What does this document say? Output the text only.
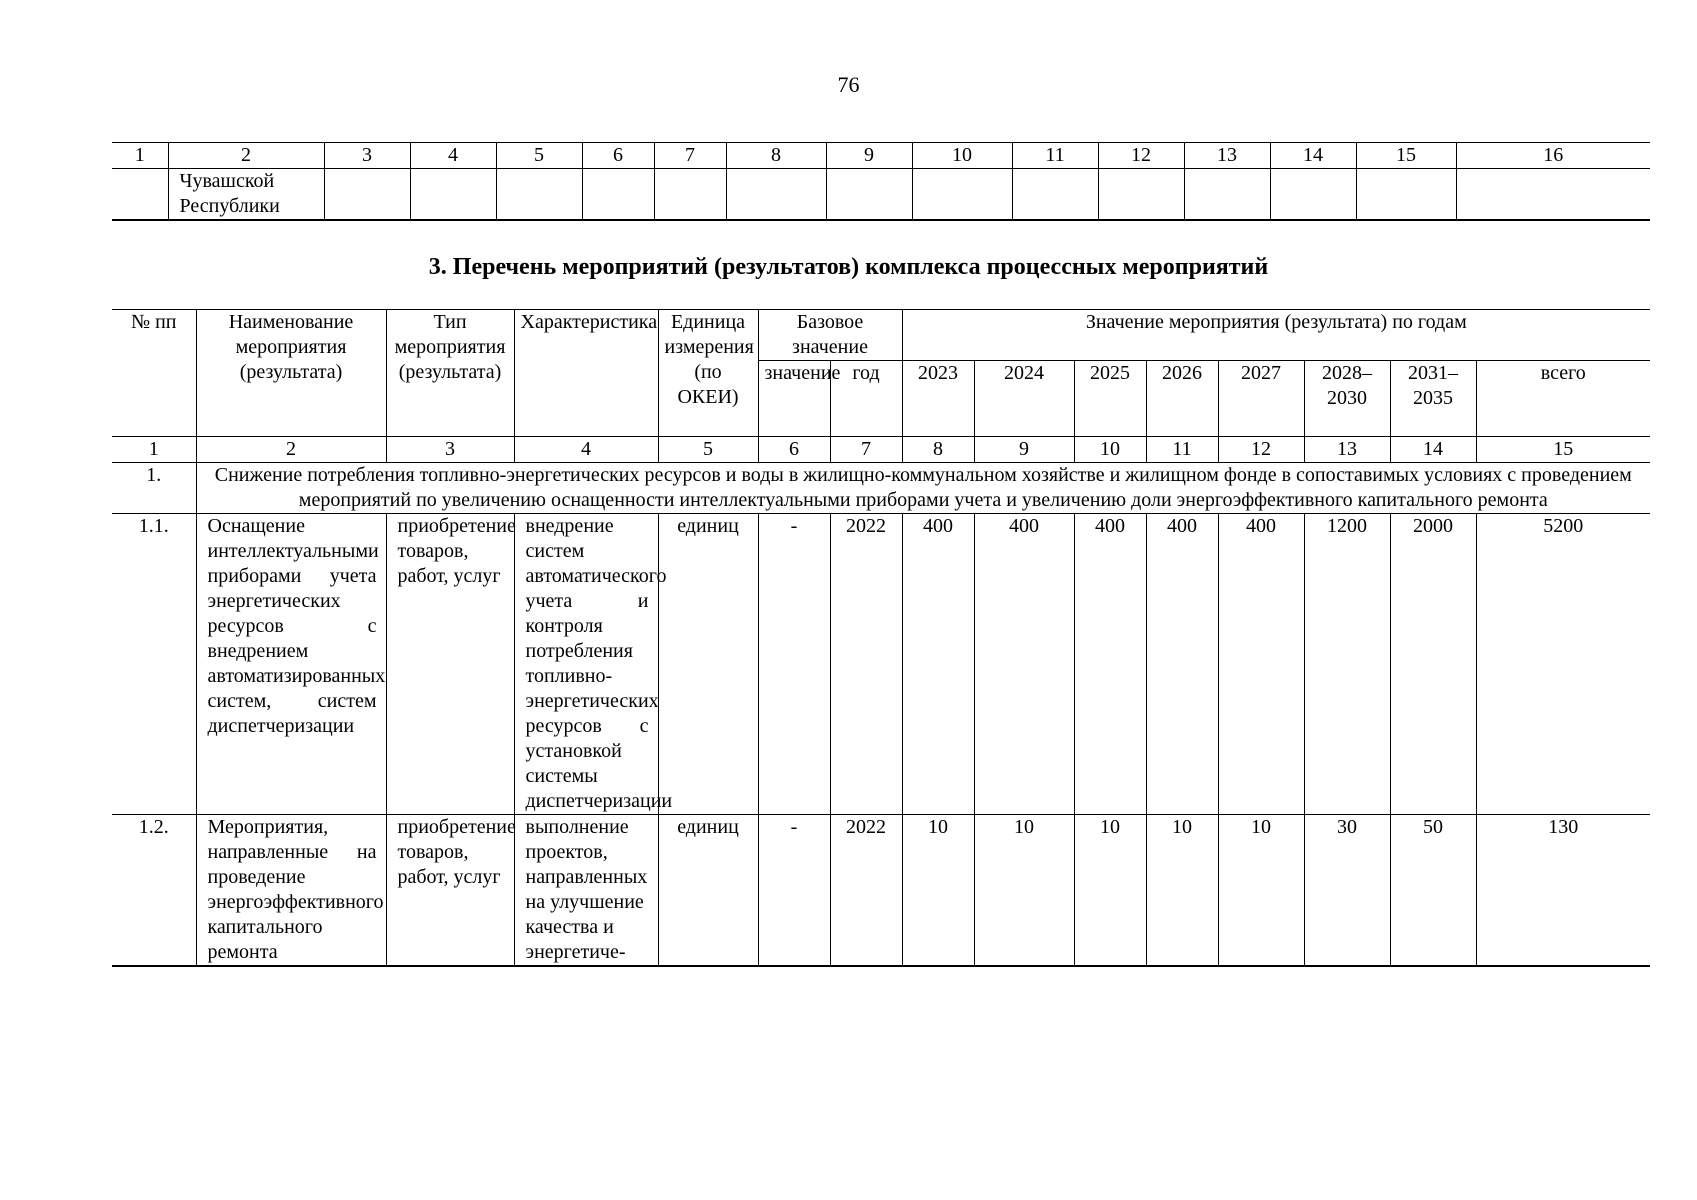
76
1	2	3	4	5	6	7	8	9	10	11	12	13	14	15	16

	Чувашской
Республики														

3. Перечень мероприятий (результатов) комплекса процессных мероприятий
№ пп	Наименование мероприятия (результата)	Тип мероприятия (результата)	Характеристика	Единица измерения (по ОКЕИ)	Базовое значение		Значение мероприятия (результата) по годам							
					значение	год	2023	2024	2025	2026	2027	2028–2030	2031–2035	всего
1	2	3	4	5	6	7	8	9	10	11	12	13	14	15
1.	Снижение потребления топливно-энергетических ресурсов и воды в жилищно-коммунальном хозяйстве и жилищном фонде в сопоставимых условиях с проведением мероприятий по увеличению оснащенности интеллектуальными приборами учета и увеличению доли энергоэффективного капитального ремонта													
1.1.	Оснащение интеллектуальными приборами учета энергетических ресурсов с внедрением автоматизированных систем, систем диспетчеризации	приобретение товаров, работ, услуг	внедрение систем автоматического учета и контроля потребления топливно-энергетических ресурсов с установкой системы диспетчеризации	единиц	-	2022	400	400	400	400	400	1200	2000	5200
1.2.	Мероприятия, направленные на проведение энергоэффективного капитального ремонта	приобретение товаров, работ, услуг	выполнение проектов, направленных на улучшение качества и энергетиче-	единиц	-	2022	10	10	10	10	10	30	50	130
